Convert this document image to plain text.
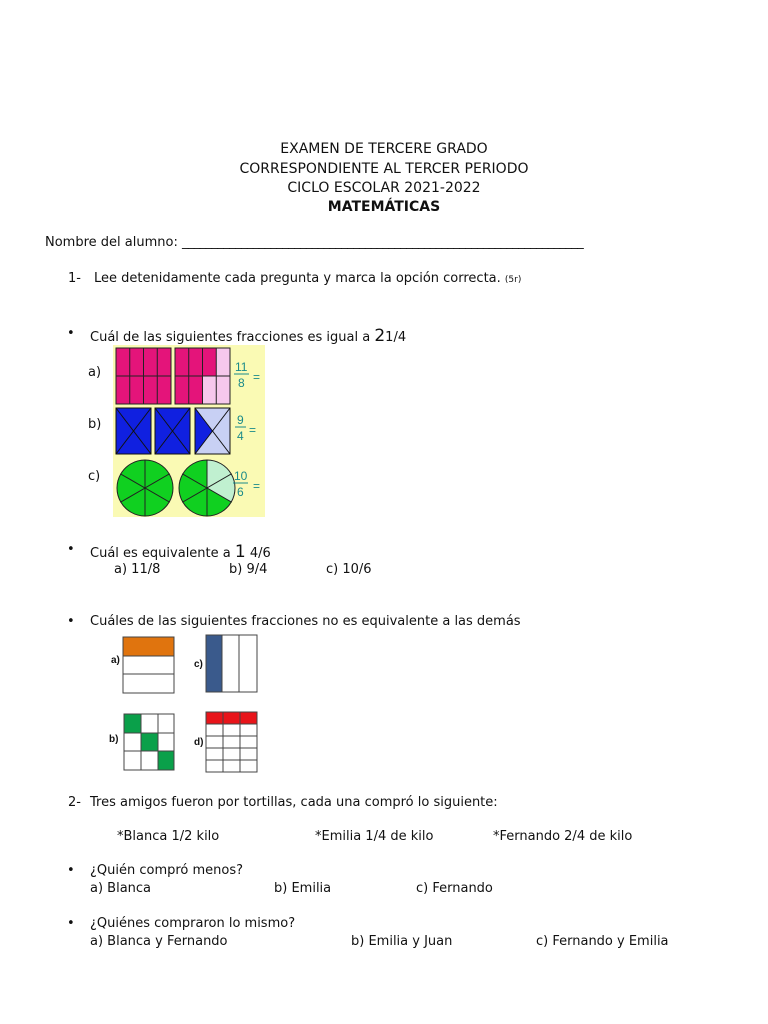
EXAMEN DE TERCERE GRADO
CORRESPONDIENTE AL TERCER PERIODO
CICLO ESCOLAR 2021-2022
MATEMÁTICAS
Nombre del alumno: ____________________________________________________________________
1- Lee detenidamente cada pregunta y marca la opción correcta. (5r)
• Cuál de las siguientes fracciones es igual a 21/4
a)
b)
c)
11
8 =
9
4 =
10
6 =
• Cuál es equivalente a 1 4/6
a) 11/8	b) 9/4	c) 10/6
• Cuáles de las siguientes fracciones no es equivalente a las demás
a)	c)
b)	d)
2- Tres amigos fueron por tortillas, cada una compró lo siguiente:
*Blanca 1/2 kilo	*Emilia 1/4 de kilo	*Fernando 2/4 de kilo
• ¿Quién compró menos?
a) Blanca	b) Emilia	c) Fernando
• ¿Quiénes compraron lo mismo?
a) Blanca y Fernando	b) Emilia y Juan	c) Fernando y Emilia
